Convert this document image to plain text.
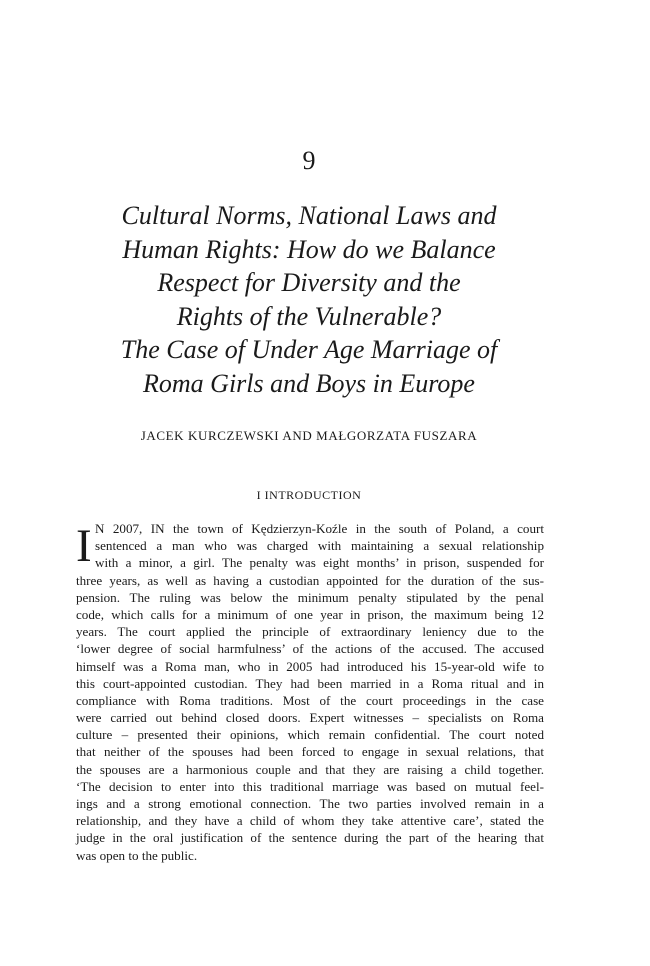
9
Cultural Norms, National Laws and
Human Rights: How do we Balance
Respect for Diversity and the
Rights of the Vulnerable?
The Case of Under Age Marriage of
Roma Girls and Boys in Europe
JACEK KURCZEWSKI AND MAŁGORZATA FUSZARA
I INTRODUCTION
I N 2007, IN the town of Kędzierzyn-Koźle in the south of Poland, a court
sentenced a man who was charged with maintaining a sexual relationship
with a minor, a girl. The penalty was eight months’ in prison, suspended for
three years, as well as having a custodian appointed for the duration of the sus-
pension. The ruling was below the minimum penalty stipulated by the penal
code, which calls for a minimum of one year in prison, the maximum being 12
years. The court applied the principle of extraordinary leniency due to the
‘lower degree of social harmfulness’ of the actions of the accused. The accused
himself was a Roma man, who in 2005 had introduced his 15-year-old wife to
this court-appointed custodian. They had been married in a Roma ritual and in
compliance with Roma traditions. Most of the court proceedings in the case
were carried out behind closed doors. Expert witnesses – specialists on Roma
culture – presented their opinions, which remain confidential. The court noted
that neither of the spouses had been forced to engage in sexual relations, that
the spouses are a harmonious couple and that they are raising a child together.
‘The decision to enter into this traditional marriage was based on mutual feel-
ings and a strong emotional connection. The two parties involved remain in a
relationship, and they have a child of whom they take attentive care’, stated the
judge in the oral justification of the sentence during the part of the hearing that
was open to the public.
